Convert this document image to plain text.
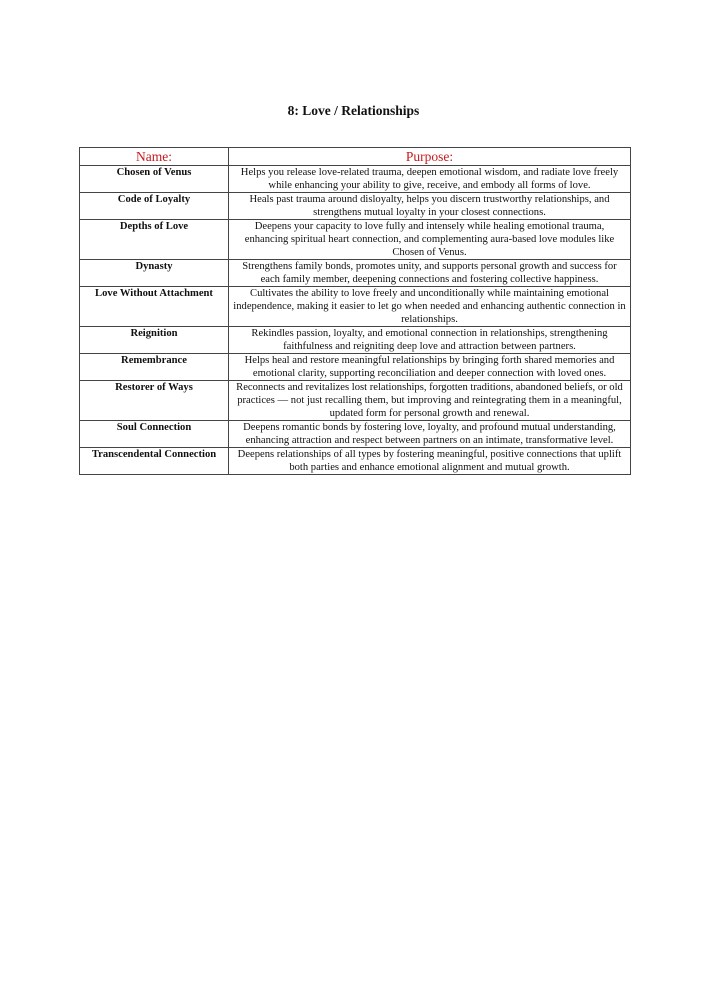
8: Love / Relationships
Name:	Purpose:
Chosen of Venus	Helps you release love-related trauma, deepen emotional wisdom, and radiate love freely while enhancing your ability to give, receive, and embody all forms of love.
Code of Loyalty	Heals past trauma around disloyalty, helps you discern trustworthy relationships, and strengthens mutual loyalty in your closest connections.
Depths of Love	Deepens your capacity to love fully and intensely while healing emotional trauma, enhancing spiritual heart connection, and complementing aura-based love modules like Chosen of Venus.
Dynasty	Strengthens family bonds, promotes unity, and supports personal growth and success for each family member, deepening connections and fostering collective happiness.
Love Without Attachment	Cultivates the ability to love freely and unconditionally while maintaining emotional independence, making it easier to let go when needed and enhancing authentic connection in relationships.
Reignition	Rekindles passion, loyalty, and emotional connection in relationships, strengthening faithfulness and reigniting deep love and attraction between partners.
Remembrance	Helps heal and restore meaningful relationships by bringing forth shared memories and emotional clarity, supporting reconciliation and deeper connection with loved ones.
Restorer of Ways	Reconnects and revitalizes lost relationships, forgotten traditions, abandoned beliefs, or old practices — not just recalling them, but improving and reintegrating them in a meaningful, updated form for personal growth and renewal.
Soul Connection	Deepens romantic bonds by fostering love, loyalty, and profound mutual understanding, enhancing attraction and respect between partners on an intimate, transformative level.
Transcendental Connection	Deepens relationships of all types by fostering meaningful, positive connections that uplift both parties and enhance emotional alignment and mutual growth.
